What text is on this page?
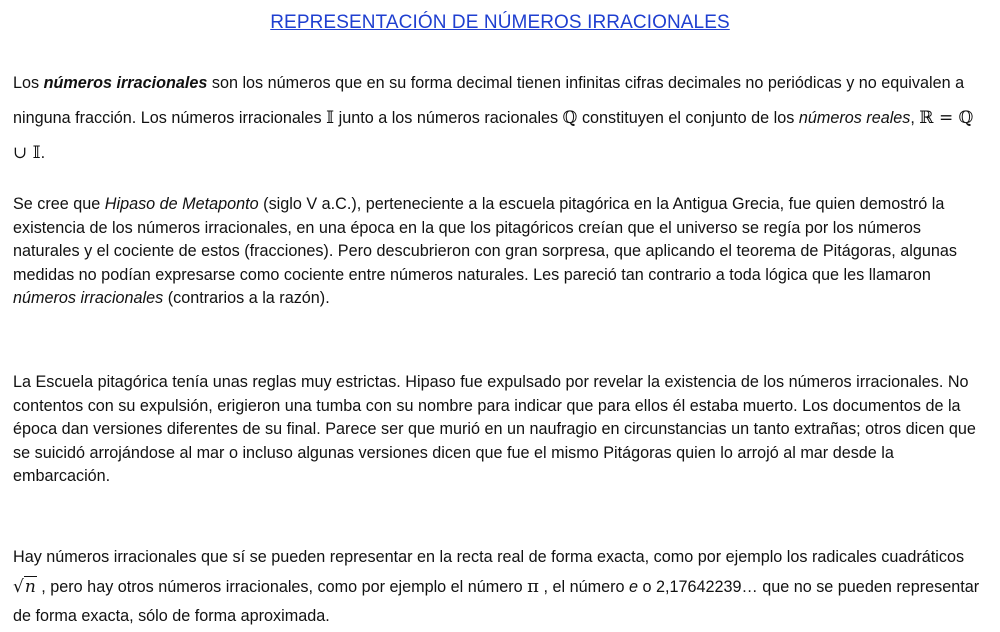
REPRESENTACIÓN DE NÚMEROS IRRACIONALES

Los números irracionales son los números que en su forma decimal tienen infinitas cifras decimales no periódicas y no equivalen a ninguna fracción. Los números irracionales 𝕀 junto a los números racionales ℚ constituyen el conjunto de los números reales, ℝ = ℚ ∪ 𝕀.

Se cree que Hipaso de Metaponto (siglo V a.C.), perteneciente a la escuela pitagórica en la Antigua Grecia, fue quien demostró la existencia de los números irracionales, en una época en la que los pitagóricos creían que el universo se regía por los números naturales y el cociente de estos (fracciones). Pero descubrieron con gran sorpresa, que aplicando el teorema de Pitágoras, algunas medidas no podían expresarse como cociente entre números naturales. Les pareció tan contrario a toda lógica que les llamaron números irracionales (contrarios a la razón).

La Escuela pitagórica tenía unas reglas muy estrictas. Hipaso fue expulsado por revelar la existencia de los números irracionales. No contentos con su expulsión, erigieron una tumba con su nombre para indicar que para ellos él estaba muerto. Los documentos de la época dan versiones diferentes de su final. Parece ser que murió en un naufragio en circunstancias un tanto extrañas; otros dicen que se suicidó arrojándose al mar o incluso algunas versiones dicen que fue el mismo Pitágoras quien lo arrojó al mar desde la embarcación.

Hay números irracionales que sí se pueden representar en la recta real de forma exacta, como por ejemplo los radicales cuadráticos √n , pero hay otros números irracionales, como por ejemplo el número π , el número e o 2,17642239… que no se pueden representar de forma exacta, sólo de forma aproximada.
